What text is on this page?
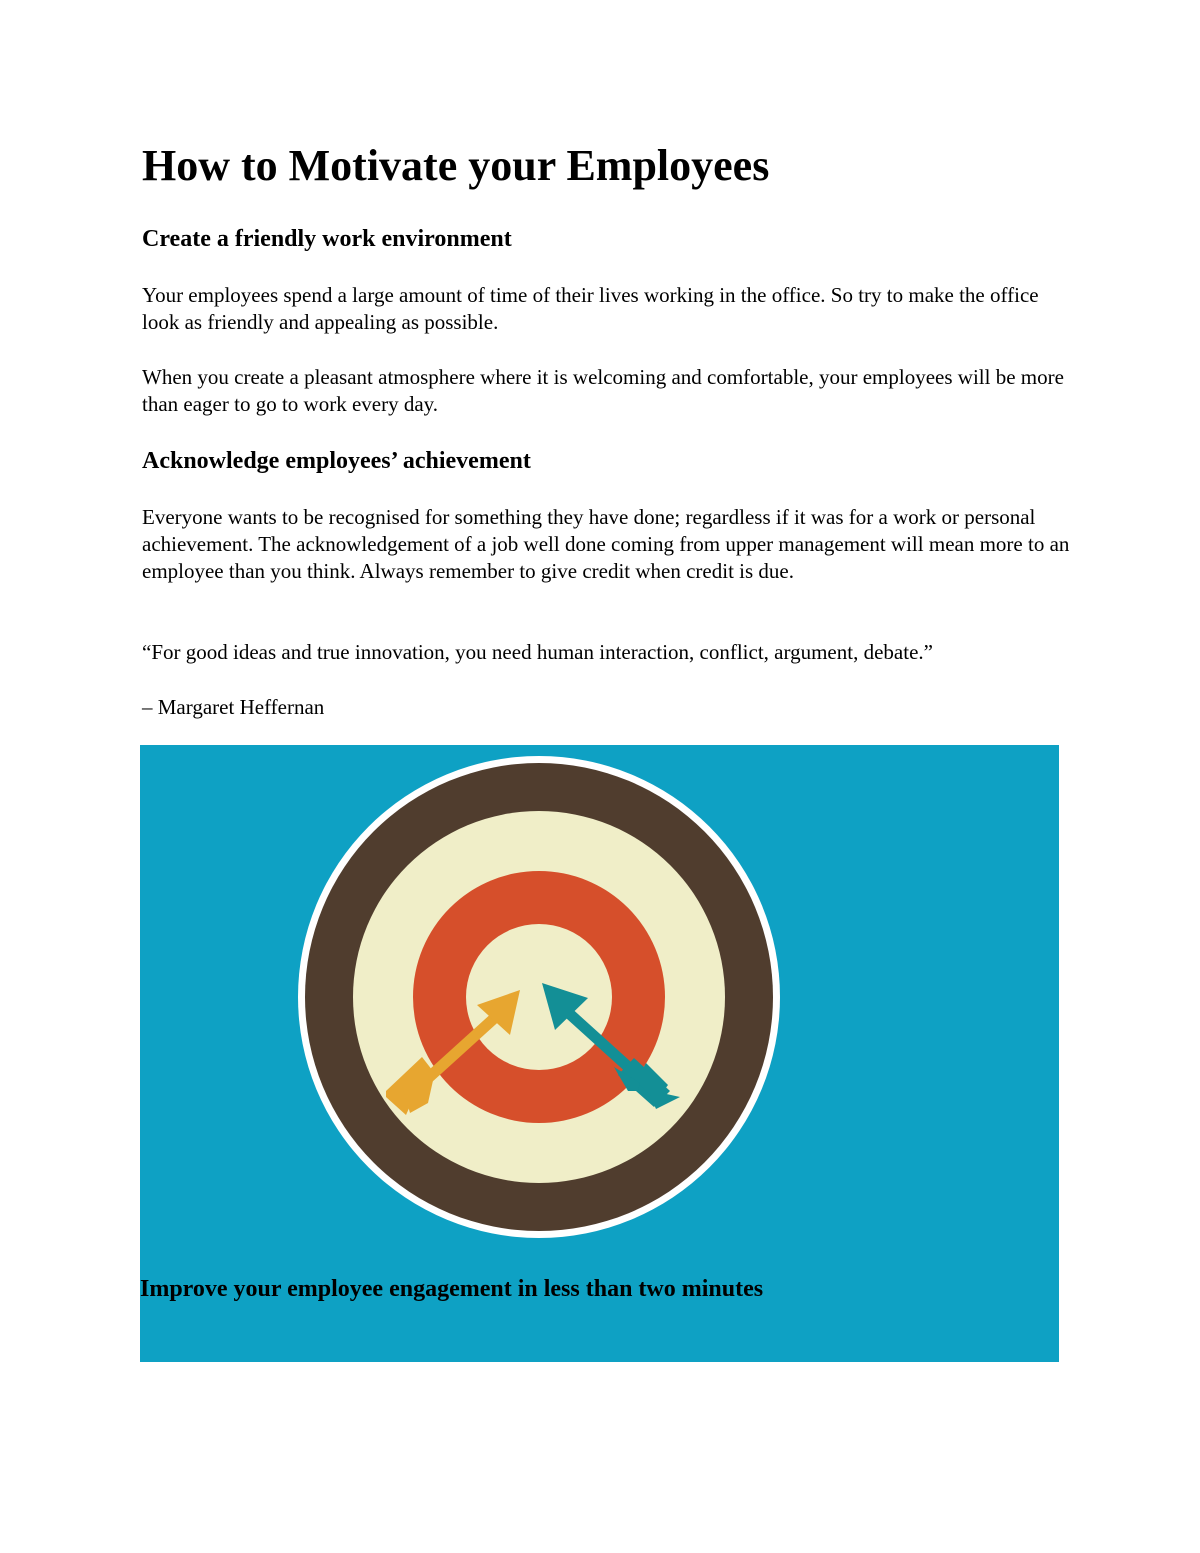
How to Motivate your Employees
Create a friendly work environment

Your employees spend a large amount of time of their lives working in the office. So try to make the office look as friendly and appealing as possible.

When you create a pleasant atmosphere where it is welcoming and comfortable, your employees will be more than eager to go to work every day.

Acknowledge employees’ achievement

Everyone wants to be recognised for something they have done; regardless if it was for a work or personal achievement. The acknowledgement of a job well done coming from upper management will mean more to an employee than you think. Always remember to give credit when credit is due.

“For good ideas and true innovation, you need human interaction, conflict, argument, debate.”

– Margaret Heffernan

Improve your employee engagement in less than two minutes
